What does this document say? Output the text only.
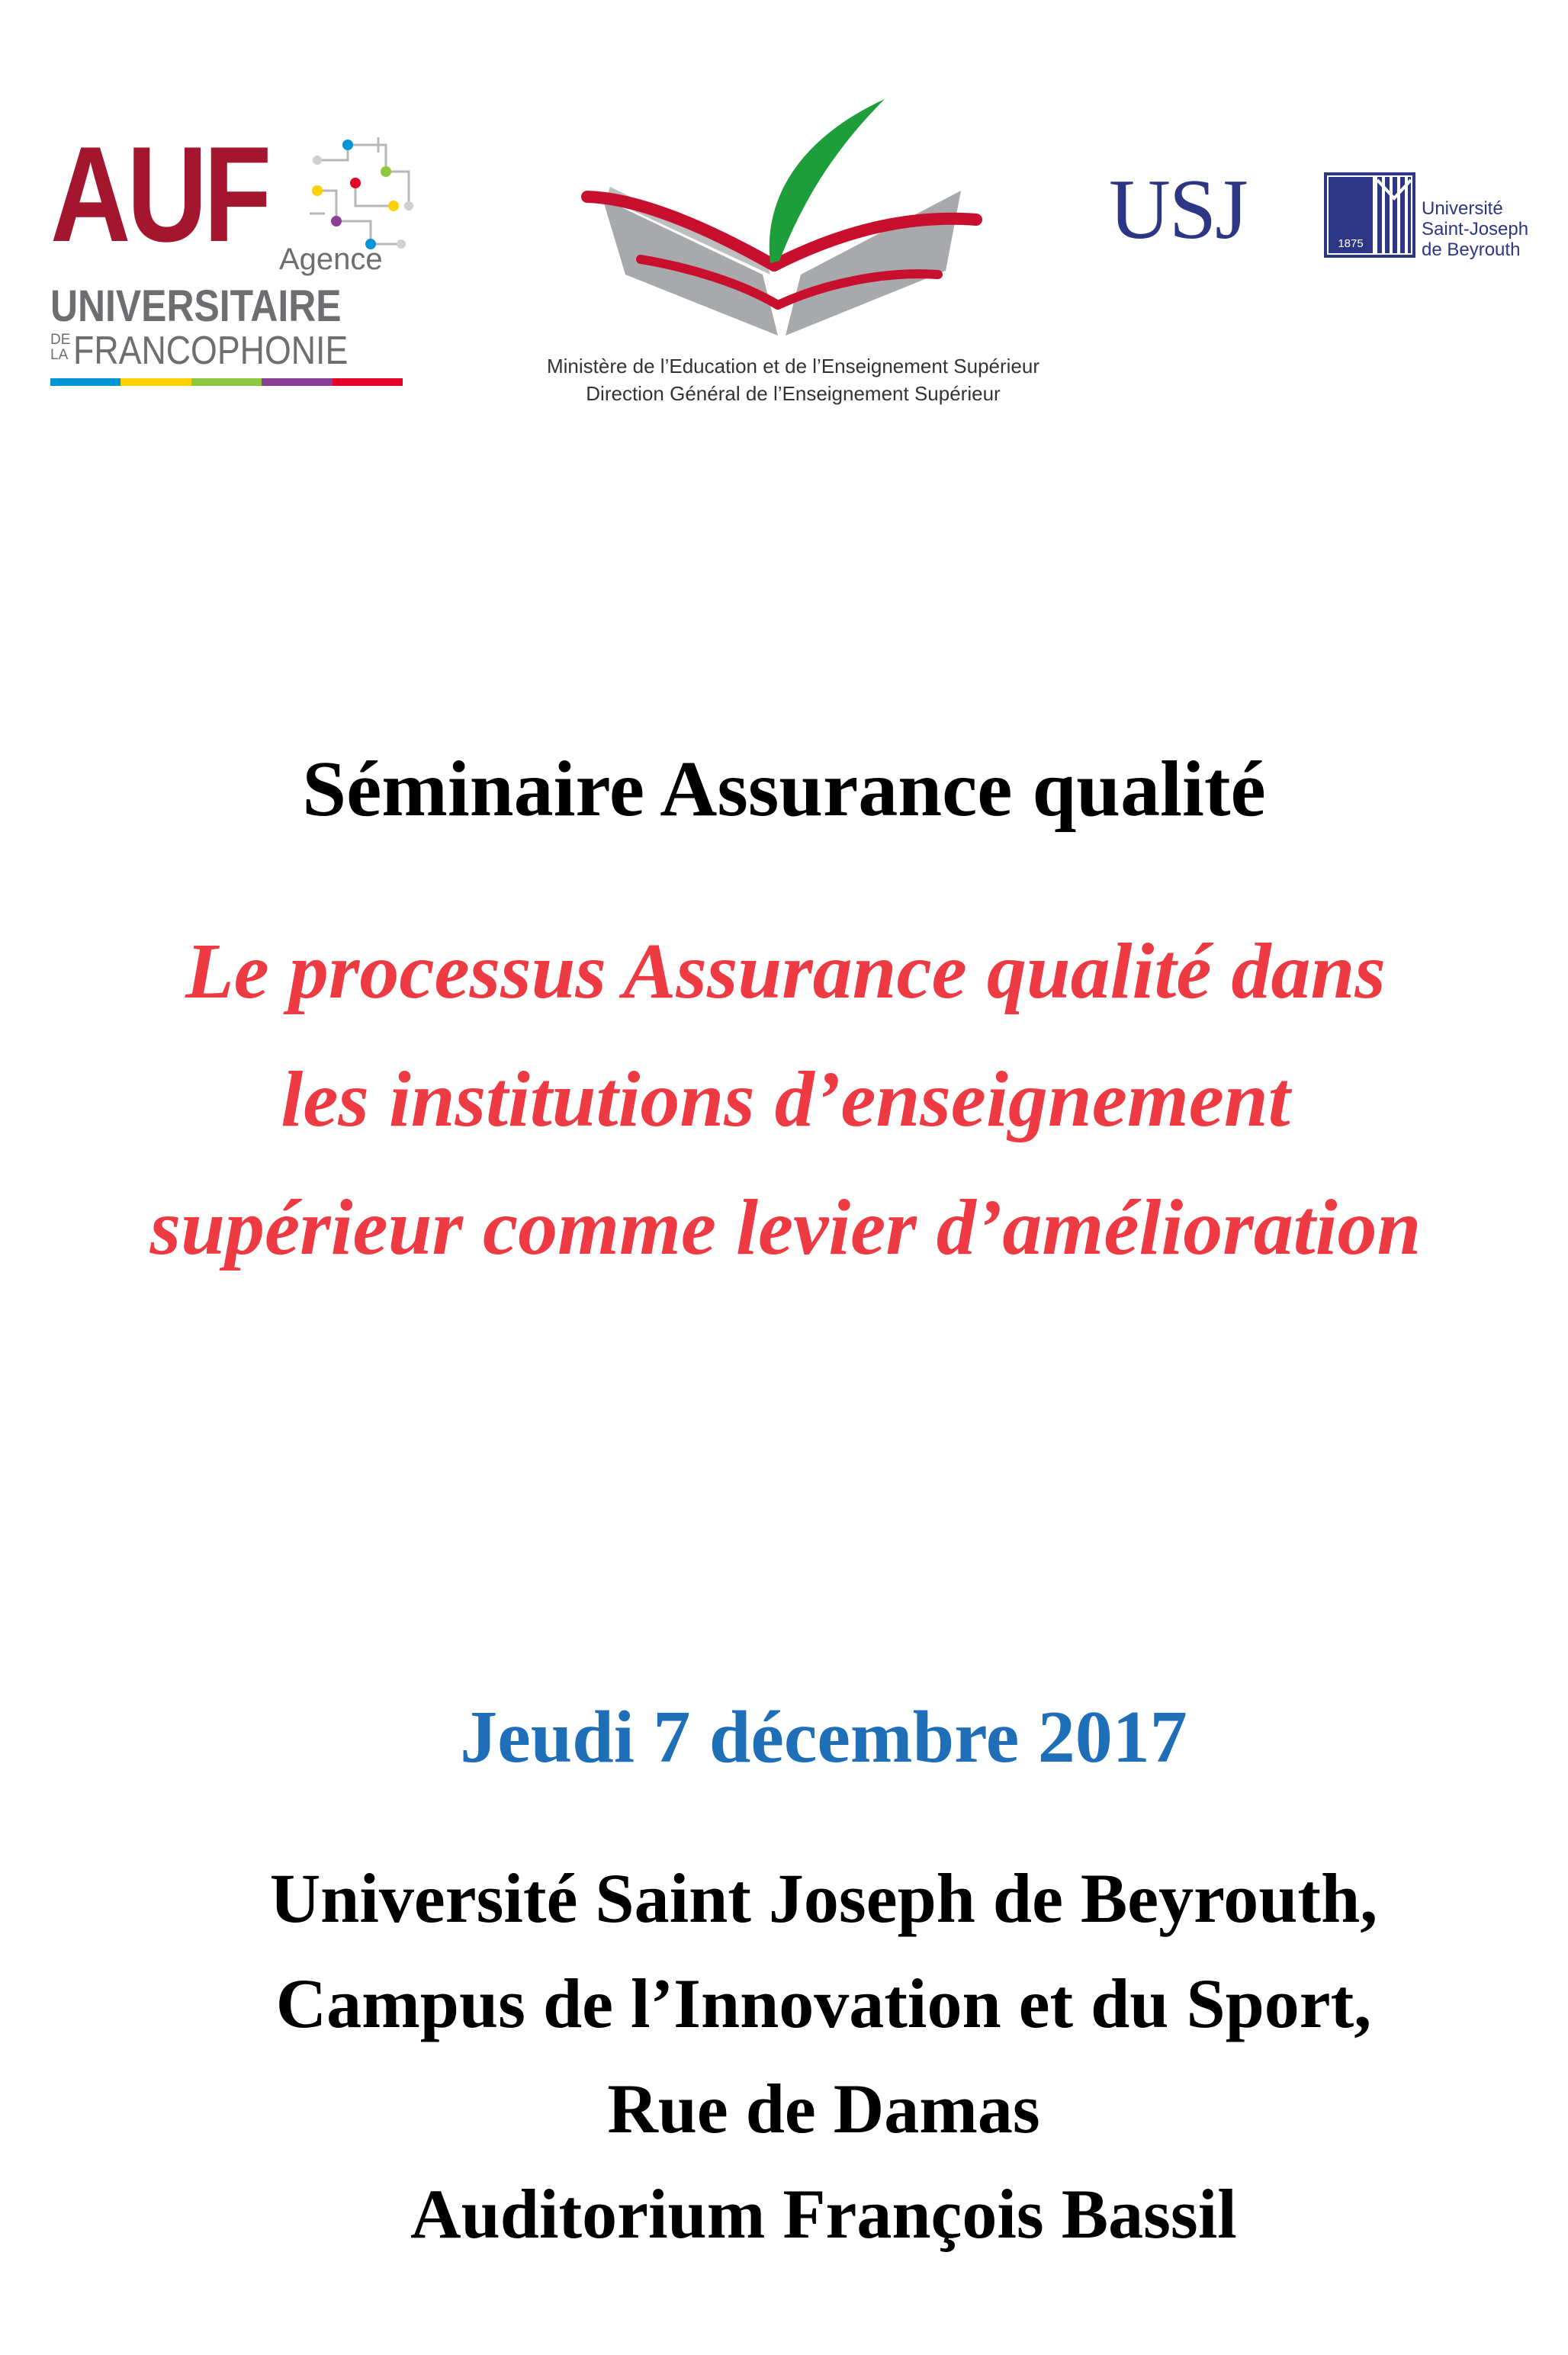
AUF Agence
UNIVERSITAIRE
DE LA FRANCOPHONIE	Ministère de l’Education et de l’Enseignement Supérieur
Direction Général de l’Enseignement Supérieur
USJ	1875
Université
Saint-Joseph
de Beyrouth
Séminaire Assurance qualité
Le processus Assurance qualité dans
les institutions d’enseignement
supérieur comme levier d’amélioration
Jeudi 7 décembre 2017
Université Saint Joseph de Beyrouth,
Campus de l’Innovation et du Sport,
Rue de Damas
Auditorium François Bassil
